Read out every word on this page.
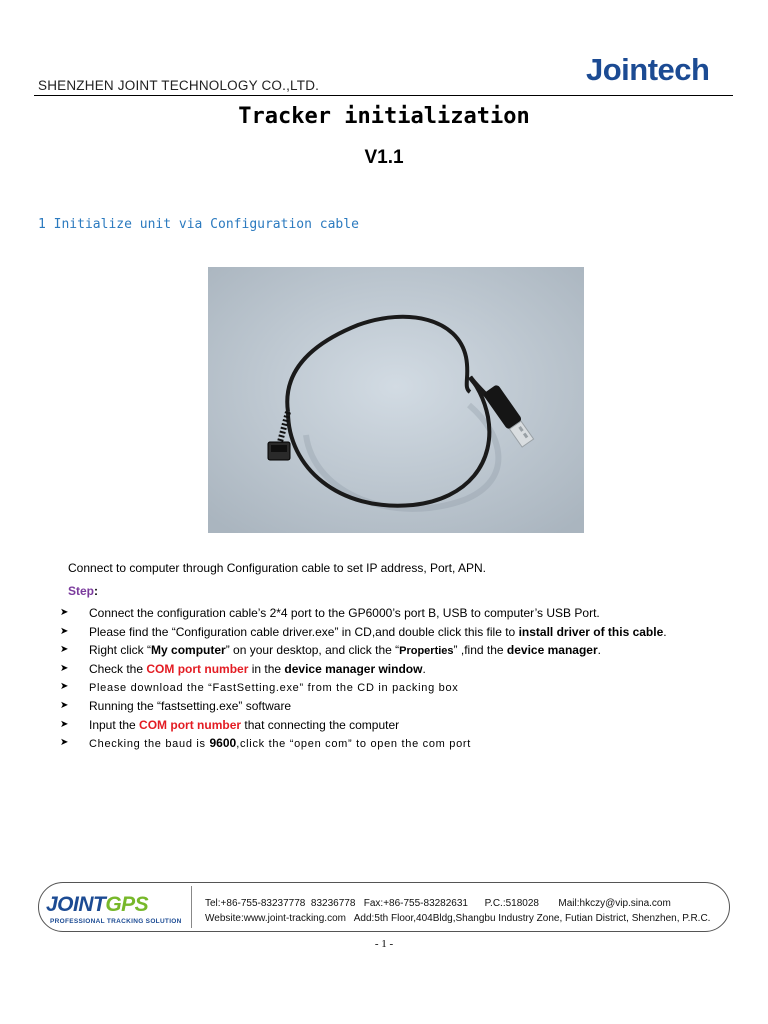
SHENZHEN JOINT TECHNOLOGY CO.,LTD.	Jointech
Tracker initialization
V1.1
1 Initialize unit via Configuration cable
Connect to computer through Configuration cable to set IP address, Port, APN.
Step:
➤ Connect the configuration cable’s 2*4 port to the GP6000’s port B, USB to computer’s USB Port.
➤ Please find the “Configuration cable driver.exe” in CD,and double click this file to install driver of this cable.
➤ Right click “My computer” on your desktop, and click the “Properties” ,find the device manager.
➤ Check the COM port number in the device manager window.
➤ Please download the “FastSetting.exe” from the CD in packing box
➤ Running the “fastsetting.exe” software
➤ Input the COM port number that connecting the computer
➤ Checking the baud is 9600,click the “open com” to open the com port
JOINTGPS
PROFESSIONAL TRACKING SOLUTION
Tel:+86-755-83237778  83236778   Fax:+86-755-83282631      P.C.:518028       Mail:hkczy@vip.sina.com
Website:www.joint-tracking.com   Add:5th Floor,404Bldg,Shangbu Industry Zone, Futian District, Shenzhen, P.R.C.
- 1 -
